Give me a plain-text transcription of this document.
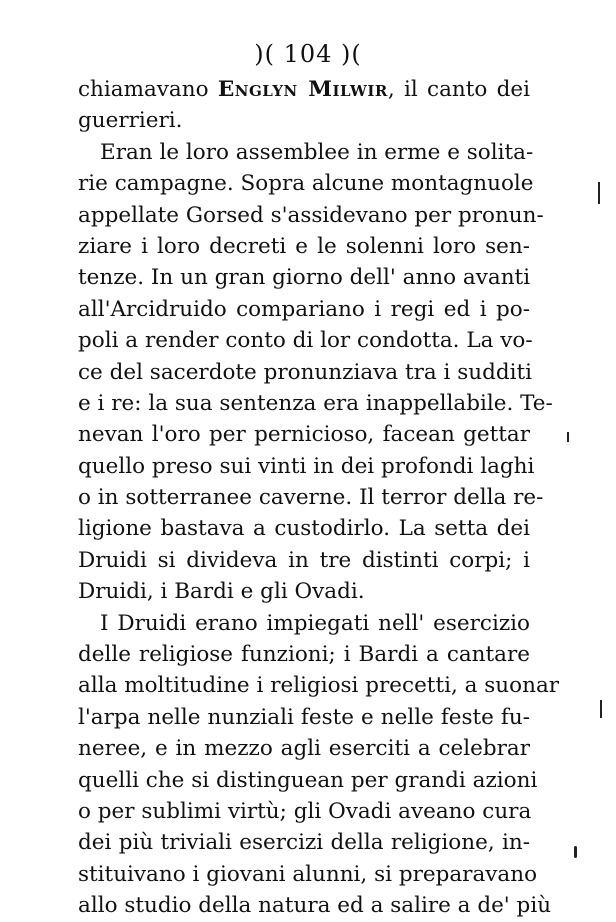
)( 104 )(
chiamavano Englyn Milwir, il canto dei
guerrieri.
Eran le loro assemblee in erme e solita-
rie campagne. Sopra alcune montagnuole
appellate Gorsed s'assidevano per pronun-
ziare i loro decreti e le solenni loro sen-
tenze. In un gran giorno dell' anno avanti
all'Arcidruido compariano i regi ed i po-
poli a render conto di lor condotta. La vo-
ce del sacerdote pronunziava tra i sudditi
e i re: la sua sentenza era inappellabile. Te-
nevan l'oro per pernicioso, facean gettar
quello preso sui vinti in dei profondi laghi
o in sotterranee caverne. Il terror della re-
ligione bastava a custodirlo. La setta dei
Druidi si divideva in tre distinti corpi; i
Druidi, i Bardi e gli Ovadi.
I Druidi erano impiegati nell' esercizio
delle religiose funzioni; i Bardi a cantare
alla moltitudine i religiosi precetti, a suonar
l'arpa nelle nunziali feste e nelle feste fu-
neree, e in mezzo agli eserciti a celebrar
quelli che si distinguean per grandi azioni
o per sublimi virtù; gli Ovadi aveano cura
dei più triviali esercizi della religione, in-
stituivano i giovani alunni, si preparavano
allo studio della natura ed a salire a de' più
